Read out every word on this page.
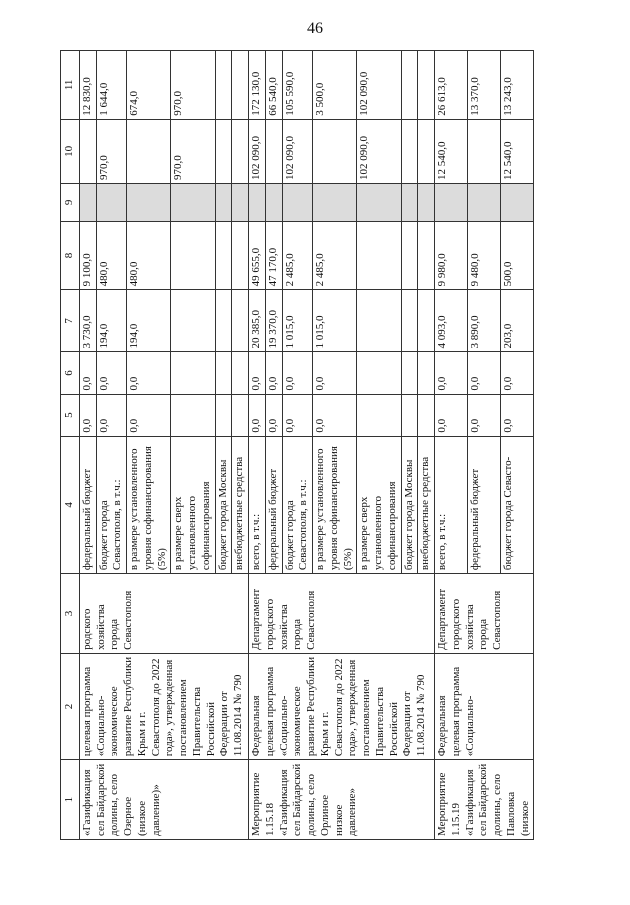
46
1	2	3	4	5	6	7	8	9	10	11
«Газификация сел Байдарской долины, село Озерное (низкое давление)»	целевая программа «Социально-экономическое развитие Республики Крым и г. Севастополя до 2022 года», утвержденная постановлением Правительства Российской Федерации от 11.08.2014 № 790	родского хозяйства города Севастополя	федеральный бюджет	0,0	0,0	3 730,0	9 100,0			12 830,0
			бюджет города Севастополя, в т.ч.:	0,0	0,0	194,0	480,0		970,0	1 644,0
			в размере установленного уровня софинансирования (5%)	0,0	0,0	194,0	480,0			674,0
			в размере сверх установленного софинансирования						970,0	970,0
			бюджет города Москвы							
			внебюджетные средства							
Мероприятие 1.15.18 «Газификация сел Байдарской долины, село Орлиное низкое давление»	Федеральная целевая программа «Социально-экономическое развитие Республики Крым и г. Севастополя до 2022 года», утвержденная постановлением Правительства Российской Федерации от 11.08.2014 № 790	Департамент городского хозяйства города Севастополя	всего, в т.ч.:	0,0	0,0	20 385,0	49 655,0		102 090,0	172 130,0
			федеральный бюджет	0,0	0,0	19 370,0	47 170,0			66 540,0
			бюджет города Севастополя, в т.ч.:	0,0	0,0	1 015,0	2 485,0		102 090,0	105 590,0
			в размере установленного уровня софинансирования (5%)	0,0	0,0	1 015,0	2 485,0			3 500,0
			в размере сверх установленного софинансирования						102 090,0	102 090,0
			бюджет города Москвы							
			внебюджетные средства							
Мероприятие 1.15.19 «Газификация сел Байдарской долины, село Павловка (низкое	Федеральная целевая программа «Социально-	Департамент городского хозяйства города Севастополя	всего, в т.ч.:	0,0	0,0	4 093,0	9 980,0		12 540,0	26 613,0
			федеральный бюджет	0,0	0,0	3 890,0	9 480,0			13 370,0
			бюджет города Севасто-	0,0	0,0	203,0	500,0		12 540,0	13 243,0
